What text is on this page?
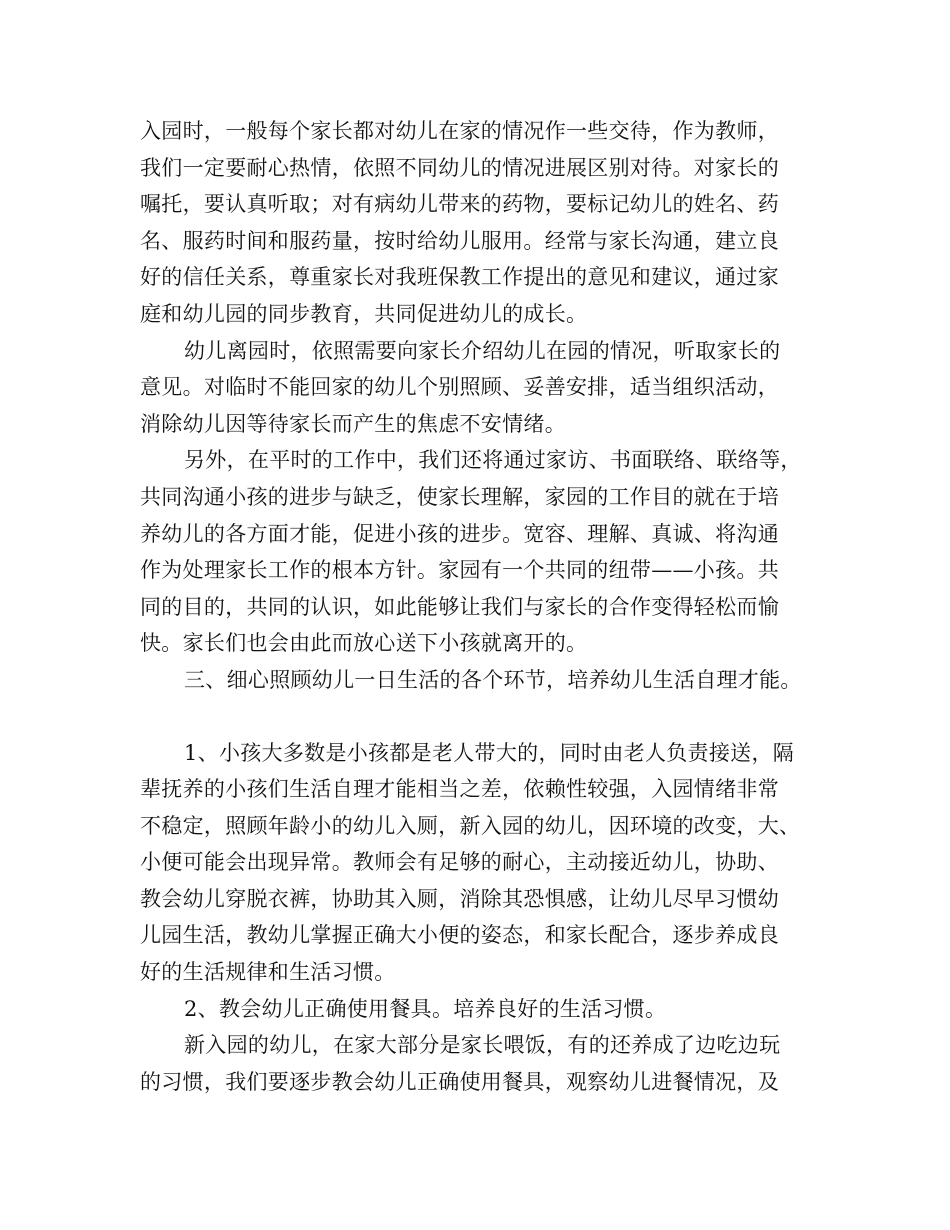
入园时，一般每个家长都对幼儿在家的情况作一些交待，作为教师，
我们一定要耐心热情，依照不同幼儿的情况进展区别对待。对家长的
嘱托，要认真听取；对有病幼儿带来的药物，要标记幼儿的姓名、药
名、服药时间和服药量，按时给幼儿服用。经常与家长沟通，建立良
好的信任关系，尊重家长对我班保教工作提出的意见和建议，通过家
庭和幼儿园的同步教育，共同促进幼儿的成长。
幼儿离园时，依照需要向家长介绍幼儿在园的情况，听取家长的
意见。对临时不能回家的幼儿个别照顾、妥善安排，适当组织活动，
消除幼儿因等待家长而产生的焦虑不安情绪。
另外，在平时的工作中，我们还将通过家访、书面联络、联络等，
共同沟通小孩的进步与缺乏，使家长理解，家园的工作目的就在于培
养幼儿的各方面才能，促进小孩的进步。宽容、理解、真诚、将沟通
作为处理家长工作的根本方针。家园有一个共同的纽带——小孩。共
同的目的，共同的认识，如此能够让我们与家长的合作变得轻松而愉
快。家长们也会由此而放心送下小孩就离开的。
三、细心照顾幼儿一日生活的各个环节，培养幼儿生活自理才能。
1、小孩大多数是小孩都是老人带大的，同时由老人负责接送，隔
辈抚养的小孩们生活自理才能相当之差，依赖性较强，入园情绪非常
不稳定，照顾年龄小的幼儿入厕，新入园的幼儿，因环境的改变，大、
小便可能会出现异常。教师会有足够的耐心，主动接近幼儿，协助、
教会幼儿穿脱衣裤，协助其入厕，消除其恐惧感，让幼儿尽早习惯幼
儿园生活，教幼儿掌握正确大小便的姿态，和家长配合，逐步养成良
好的生活规律和生活习惯。
2、教会幼儿正确使用餐具。培养良好的生活习惯。
新入园的幼儿，在家大部分是家长喂饭，有的还养成了边吃边玩
的习惯，我们要逐步教会幼儿正确使用餐具，观察幼儿进餐情况，及
